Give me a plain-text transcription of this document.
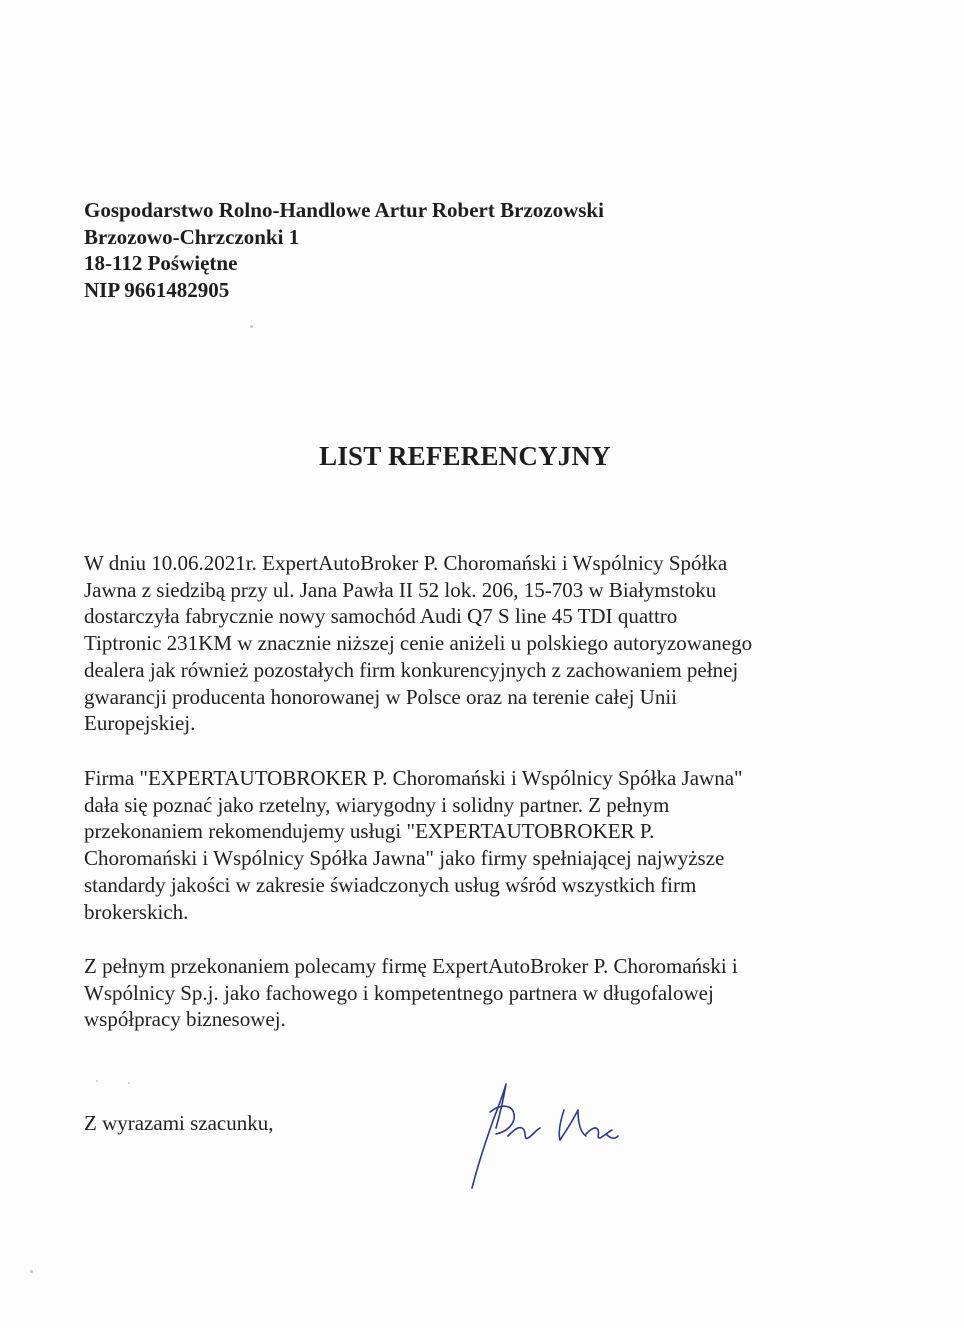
Gospodarstwo Rolno-Handlowe Artur Robert Brzozowski
Brzozowo-Chrzczonki 1
18-112 Poświętne
NIP 9661482905
LIST REFERENCYJNY
W dniu 10.06.2021r. ExpertAutoBroker P. Choromański i Wspólnicy Spółka
Jawna z siedzibą przy ul. Jana Pawła II 52 lok. 206, 15-703 w Białymstoku
dostarczyła fabrycznie nowy samochód Audi Q7 S line 45 TDI quattro
Tiptronic 231KM w znacznie niższej cenie aniżeli u polskiego autoryzowanego
dealera jak również pozostałych firm konkurencyjnych z zachowaniem pełnej
gwarancji producenta honorowanej w Polsce oraz na terenie całej Unii
Europejskiej.
Firma "EXPERTAUTOBROKER P. Choromański i Wspólnicy Spółka Jawna"
dała się poznać jako rzetelny, wiarygodny i solidny partner. Z pełnym
przekonaniem rekomendujemy usługi "EXPERTAUTOBROKER P.
Choromański i Wspólnicy Spółka Jawna" jako firmy spełniającej najwyższe
standardy jakości w zakresie świadczonych usług wśród wszystkich firm
brokerskich.
Z pełnym przekonaniem polecamy firmę ExpertAutoBroker P. Choromański i
Wspólnicy Sp.j. jako fachowego i kompetentnego partnera w długofalowej
współpracy biznesowej.
Z wyrazami szacunku,
